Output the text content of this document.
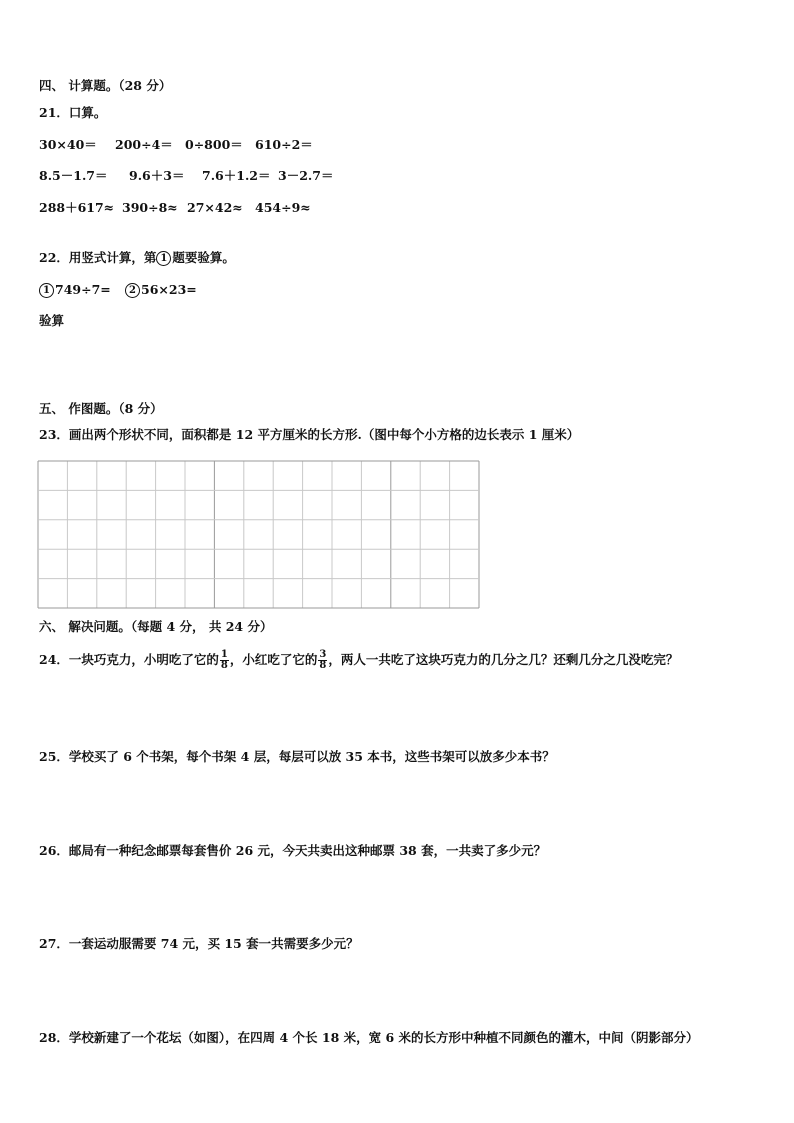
四、 计算题。（28 分）
21．口算。
30×40＝ 200÷4＝ 0÷800＝ 610÷2＝
8.5－1.7＝ 9.6＋3＝ 7.6＋1.2＝ 3－2.7＝
288＋617≈ 390÷8≈ 27×42≈ 454÷9≈
22．用竖式计算，第 1 题要验算。
1 749÷7= 2 56×23=
验算
五、 作图题。（8 分）
23．画出两个形状不同，面积都是 12 平方厘米的长方形.（图中每个小方格的边长表示 1 厘米）
六、 解决问题。（每题 4 分， 共 24 分）
24．一块巧克力，小明吃了它的 $\frac{1}{8}$ ，小红吃了它的 $\frac{3}{8}$ ，两人一共吃了这块巧克力的几分之几？还剩几分之几没吃完？
25．学校买了 6 个书架，每个书架 4 层，每层可以放 35 本书，这些书架可以放多少本书？
26．邮局有一种纪念邮票每套售价 26 元，今天共卖出这种邮票 38 套，一共卖了多少元？
27．一套运动服需要 74 元，买 15 套一共需要多少元？
28．学校新建了一个花坛（如图），在四周 4 个长 18 米，宽 6 米的长方形中种植不同颜色的灌木，中间（阴影部分）
